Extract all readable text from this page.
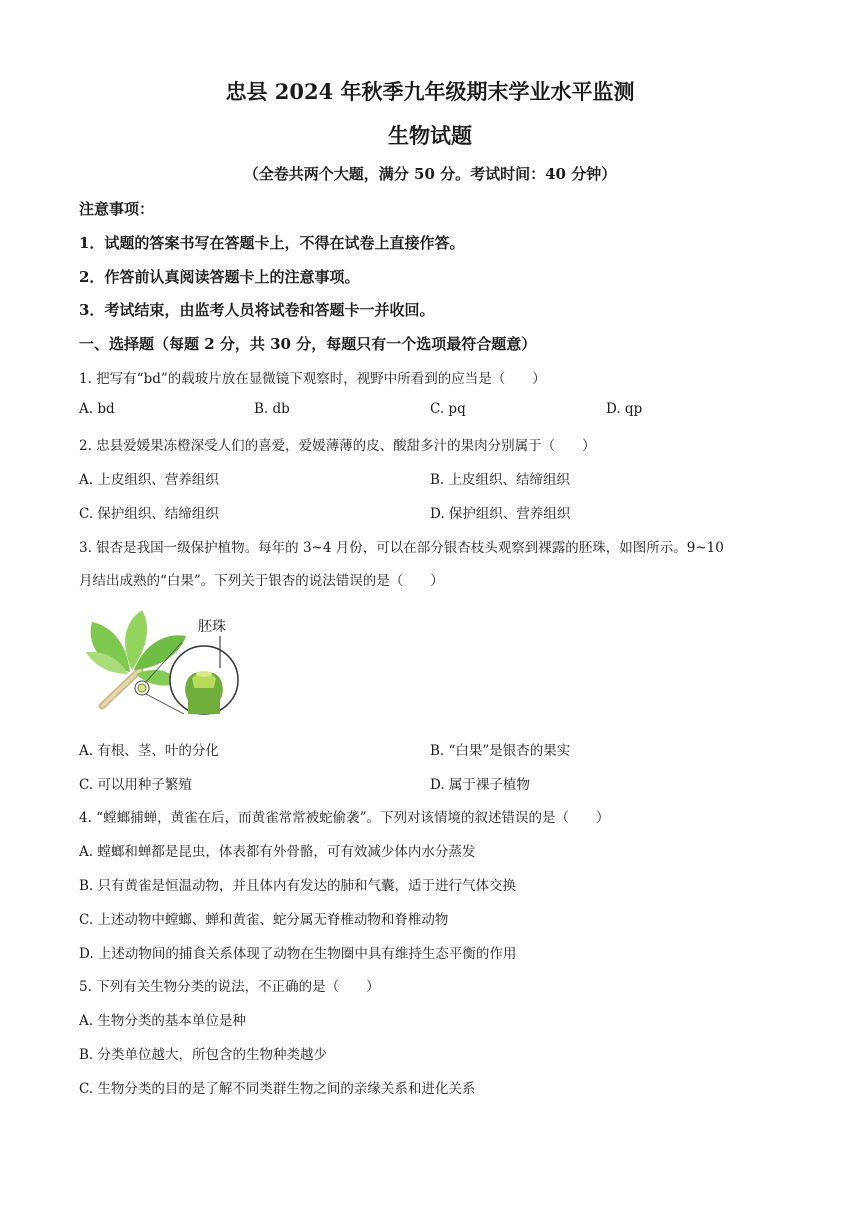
忠县 2024 年秋季九年级期末学业水平监测
生物试题
（全卷共两个大题，满分 50 分。考试时间：40 分钟）
注意事项：
1．试题的答案书写在答题卡上，不得在试卷上直接作答。
2．作答前认真阅读答题卡上的注意事项。
3．考试结束，由监考人员将试卷和答题卡一并收回。
一、选择题（每题 2 分，共 30 分，每题只有一个选项最符合题意）
1. 把写有“bd”的载玻片放在显微镜下观察时，视野中所看到的应当是（　　）
A. bd	B. db	C. pq	D. qp
2. 忠县爱媛果冻橙深受人们的喜爱，爱媛薄薄的皮、酸甜多汁的果肉分别属于（　　）
A. 上皮组织、营养组织	B. 上皮组织、结缔组织
C. 保护组织、结缔组织	D. 保护组织、营养组织
3. 银杏是我国一级保护植物。每年的 3~4 月份，可以在部分银杏枝头观察到裸露的胚珠，如图所示。9~10
月结出成熟的“白果”。下列关于银杏的说法错误的是（　　）
胚珠
A. 有根、茎、叶的分化	B. “白果”是银杏的果实
C. 可以用种子繁殖	D. 属于裸子植物
4. “螳螂捕蝉，黄雀在后，而黄雀常常被蛇偷袭”。下列对该情境的叙述错误的是（　　）
A. 螳螂和蝉都是昆虫，体表都有外骨骼，可有效减少体内水分蒸发
B. 只有黄雀是恒温动物，并且体内有发达的肺和气囊，适于进行气体交换
C. 上述动物中螳螂、蝉和黄雀、蛇分属无脊椎动物和脊椎动物
D. 上述动物间的捕食关系体现了动物在生物圈中具有维持生态平衡的作用
5. 下列有关生物分类的说法，不正确的是（　　）
A. 生物分类的基本单位是种
B. 分类单位越大，所包含的生物种类越少
C. 生物分类的目的是了解不同类群生物之间的亲缘关系和进化关系
